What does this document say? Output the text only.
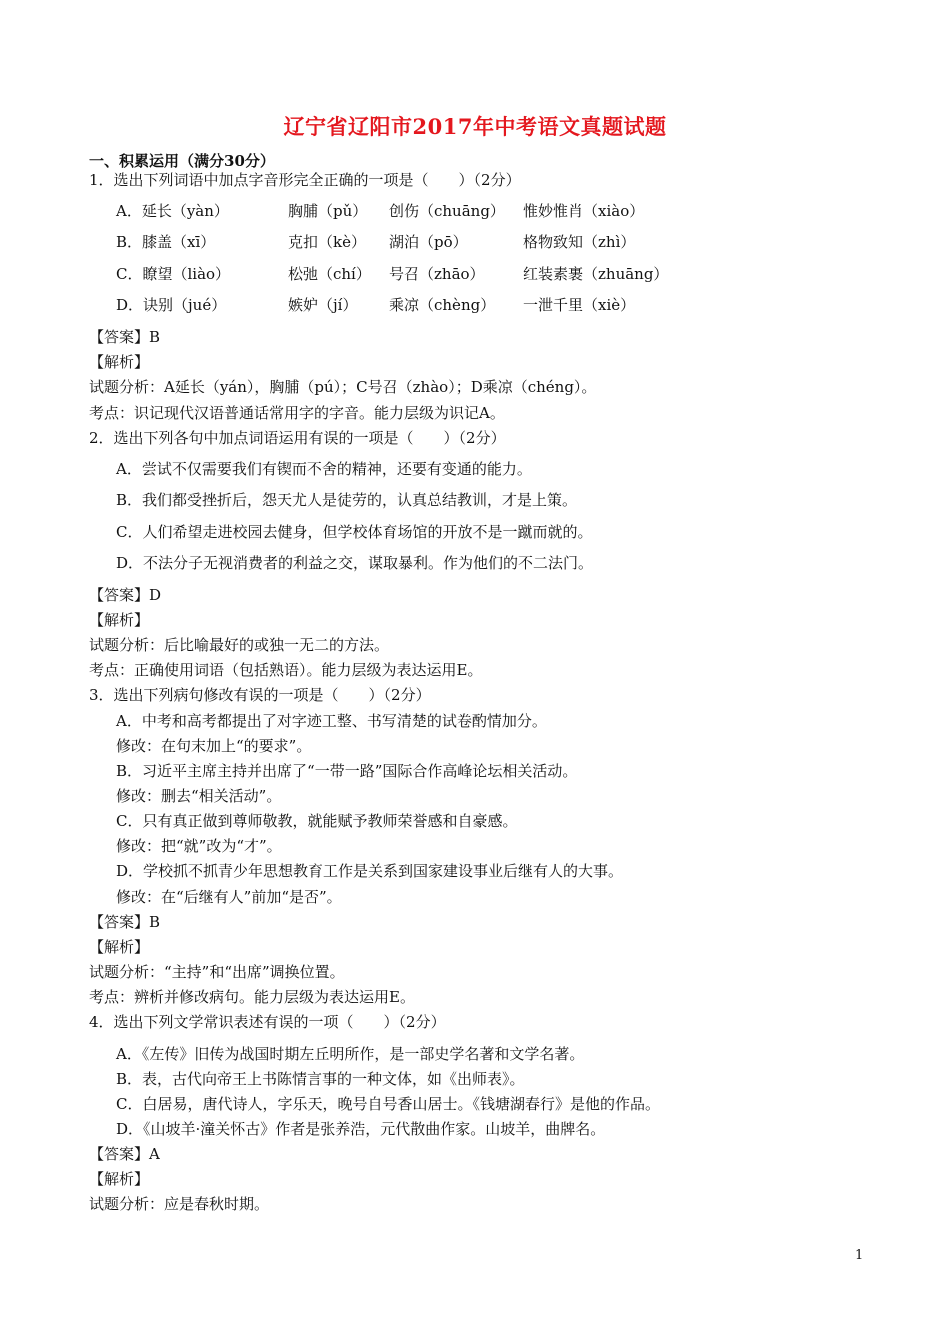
辽宁省辽阳市2017年中考语文真题试题
一、积累运用（满分30分）
1．选出下列词语中加点字音形完全正确的一项是（　　）（2分）
A．延长（yàn）	胸脯（pǔ） 创伤（chuāng） 惟妙惟肖（xiào）
B．膝盖（xī）	克扣（kè） 湖泊（pō）	格物致知（zhì）
C．瞭望（liào）	松弛（chí） 号召（zhāo）	红装素裹（zhuāng）
D．诀别（jué）	嫉妒（jí） 乘凉（chèng） 一泄千里（xiè）
【答案】B
【解析】
试题分析：A延长（yán），胸脯（pú）；C号召（zhào）；D乘凉（chéng）。
考点：识记现代汉语普通话常用字的字音。能力层级为识记A。
2．选出下列各句中加点词语运用有误的一项是（　　）（2分）
A．尝试不仅需要我们有锲而不舍的精神，还要有变通的能力。
B．我们都受挫折后，怨天尤人是徒劳的，认真总结教训，才是上策。
C．人们希望走进校园去健身，但学校体育场馆的开放不是一蹴而就的。
D．不法分子无视消费者的利益之交，谋取暴利。作为他们的不二法门。
【答案】D
【解析】
试题分析：后比喻最好的或独一无二的方法。
考点：正确使用词语（包括熟语）。能力层级为表达运用E。
3．选出下列病句修改有误的一项是（　　）（2分）
A．中考和高考都提出了对字迹工整、书写清楚的试卷酌情加分。
修改：在句末加上“的要求”。
B．习近平主席主持并出席了“一带一路”国际合作高峰论坛相关活动。
修改：删去“相关活动”。
C．只有真正做到尊师敬教，就能赋予教师荣誉感和自豪感。
修改：把“就”改为“才”。
D．学校抓不抓青少年思想教育工作是关系到国家建设事业后继有人的大事。
修改：在“后继有人”前加“是否”。
【答案】B
【解析】
试题分析：“主持”和“出席”调换位置。
考点：辨析并修改病句。能力层级为表达运用E。
4．选出下列文学常识表述有误的一项（　　）（2分）
A．《左传》旧传为战国时期左丘明所作，是一部史学名著和文学名著。
B．表，古代向帝王上书陈情言事的一种文体，如《出师表》。
C．白居易，唐代诗人，字乐天，晚号自号香山居士。《钱塘湖春行》是他的作品。
D．《山坡羊·潼关怀古》作者是张养浩，元代散曲作家。山坡羊，曲牌名。
【答案】A
【解析】
试题分析：应是春秋时期。
1
